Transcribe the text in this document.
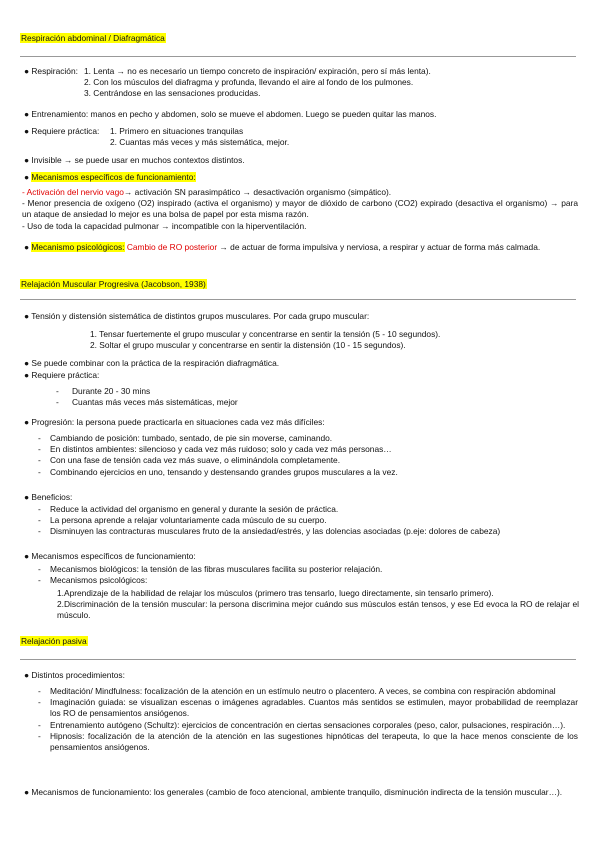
Respiración abdominal / Diafragmática
● Respiración: 1. Lenta → no es necesario un tiempo concreto de inspiración/ expiración, pero sí más lenta).
2. Con los músculos del diafragma y profunda, llevando el aire al fondo de los pulmones.
3. Centrándose en las sensaciones producidas.
● Entrenamiento: manos en pecho y abdomen, solo se mueve el abdomen. Luego se pueden quitar las manos.
● Requiere práctica: 1. Primero en situaciones tranquilas
2. Cuantas más veces y más sistemática, mejor.
● Invisible → se puede usar en muchos contextos distintos.
● Mecanismos específicos de funcionamiento:
- Activación del nervio vago→ activación SN parasimpático → desactivación organismo (simpático).
- Menor presencia de oxígeno (O2) inspirado (activa el organismo) y mayor de dióxido de carbono (CO2) expirado (desactiva el organismo) → para un ataque de ansiedad lo mejor es una bolsa de papel por esta misma razón.
- Uso de toda la capacidad pulmonar → incompatible con la hiperventilación.
● Mecanismo psicológicos: Cambio de RO posterior → de actuar de forma impulsiva y nerviosa, a respirar y actuar de forma más calmada.
Relajación Muscular Progresiva (Jacobson, 1938)
● Tensión y distensión sistemática de distintos grupos musculares. Por cada grupo muscular:
1. Tensar fuertemente el grupo muscular y concentrarse en sentir la tensión (5 - 10 segundos).
2. Soltar el grupo muscular y concentrarse en sentir la distensión (10 - 15 segundos).
● Se puede combinar con la práctica de la respiración diafragmática.
● Requiere práctica:
- Durante 20 - 30 mins
- Cuantas más veces más sistemáticas, mejor
● Progresión: la persona puede practicarla en situaciones cada vez más difíciles:
- Cambiando de posición: tumbado, sentado, de pie sin moverse, caminando.
- En distintos ambientes: silencioso y cada vez más ruidoso; solo y cada vez más personas…
- Con una fase de tensión cada vez más suave, o eliminándola completamente.
- Combinando ejercicios en uno, tensando y destensando grandes grupos musculares a la vez.
● Beneficios:
- Reduce la actividad del organismo en general y durante la sesión de práctica.
- La persona aprende a relajar voluntariamente cada músculo de su cuerpo.
- Disminuyen las contracturas musculares fruto de la ansiedad/estrés, y las dolencias asociadas (p.eje: dolores de cabeza)
● Mecanismos específicos de funcionamiento:
- Mecanismos biológicos: la tensión de las fibras musculares facilita su posterior relajación.
- Mecanismos psicológicos:
1.Aprendizaje de la habilidad de relajar los músculos (primero tras tensarlo, luego directamente, sin tensarlo primero).
2.Discriminación de la tensión muscular: la persona discrimina mejor cuándo sus músculos están tensos, y ese Ed evoca la RO de relajar el músculo.
Relajación pasiva
● Distintos procedimientos:
- Meditación/ Mindfulness: focalización de la atención en un estímulo neutro o placentero. A veces, se combina con respiración abdominal
- Imaginación guiada: se visualizan escenas o imágenes agradables. Cuantos más sentidos se estimulen, mayor probabilidad de reemplazar los RO de pensamientos ansiógenos.
- Entrenamiento autógeno (Schultz): ejercicios de concentración en ciertas sensaciones corporales (peso, calor, pulsaciones, respiración…).
- Hipnosis: focalización de la atención de la atención en las sugestiones hipnóticas del terapeuta, lo que la hace menos consciente de los pensamientos ansiógenos.
● Mecanismos de funcionamiento: los generales (cambio de foco atencional, ambiente tranquilo, disminución indirecta de la tensión muscular…).
